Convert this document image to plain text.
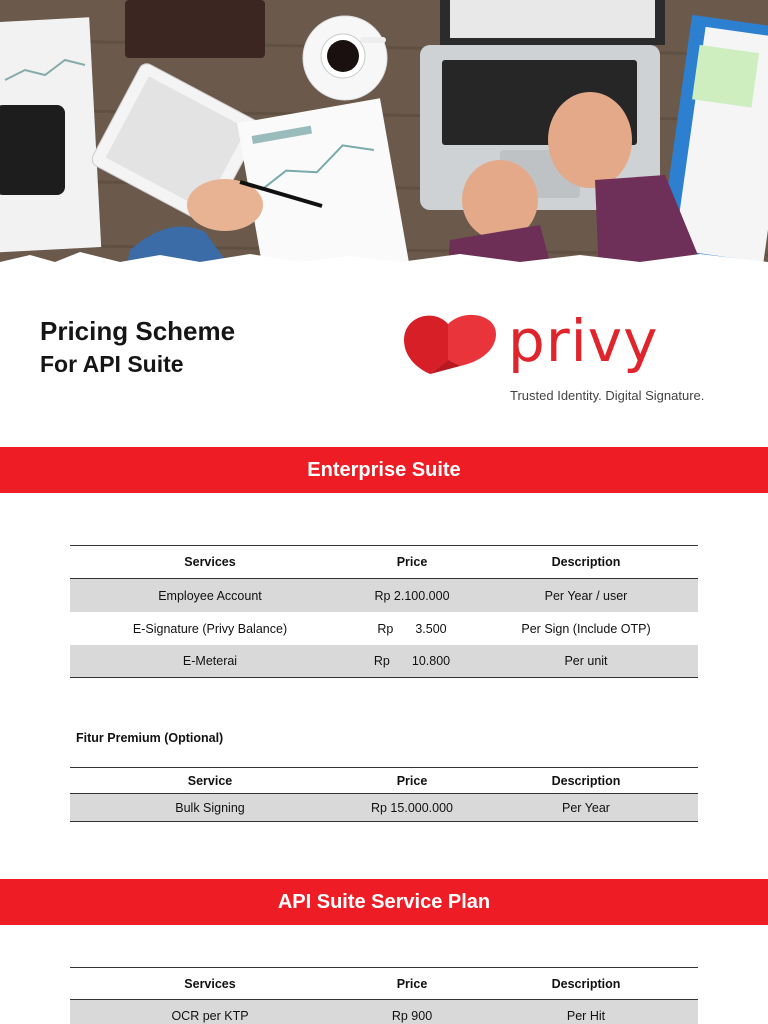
Pricing Scheme
For API Suite	privy
Trusted Identity. Digital Signature.
Enterprise Suite
Services	Price	Description
Employee Account	Rp 2.100.000	Per Year / user
E-Signature (Privy Balance)	Rp 3.500	Per Sign (Include OTP)
E-Meterai	Rp 10.800	Per unit
Fitur Premium (Optional)
Service	Price	Description
Bulk Signing	Rp 15.000.000	Per Year
API Suite Service Plan
Services	Price	Description
OCR per KTP	Rp 900	Per Hit
